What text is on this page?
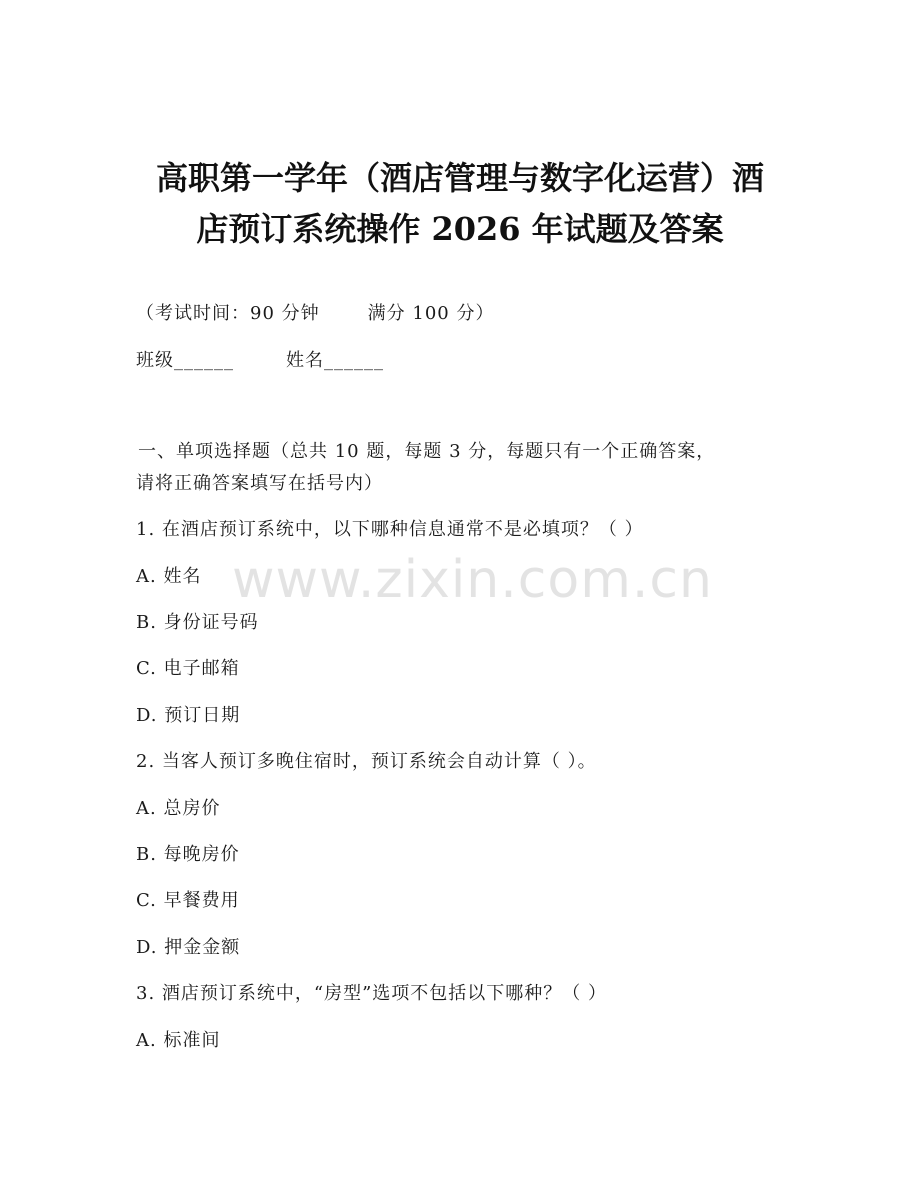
高职第一学年（酒店管理与数字化运营）酒
店预订系统操作 2026 年试题及答案
（考试时间：90 分钟	满分 100 分）
班级______	姓名______
一、单项选择题（总共 10 题，每题 3 分，每题只有一个正确答案，
请将正确答案填写在括号内）
1. 在酒店预订系统中，以下哪种信息通常不是必填项？（ ）
A. 姓名
B. 身份证号码
C. 电子邮箱
D. 预订日期
2. 当客人预订多晚住宿时，预订系统会自动计算（ ）。
A. 总房价
B. 每晚房价
C. 早餐费用
D. 押金金额
3. 酒店预订系统中，“房型”选项不包括以下哪种？（ ）
A. 标准间
www.zixin.com.cn
